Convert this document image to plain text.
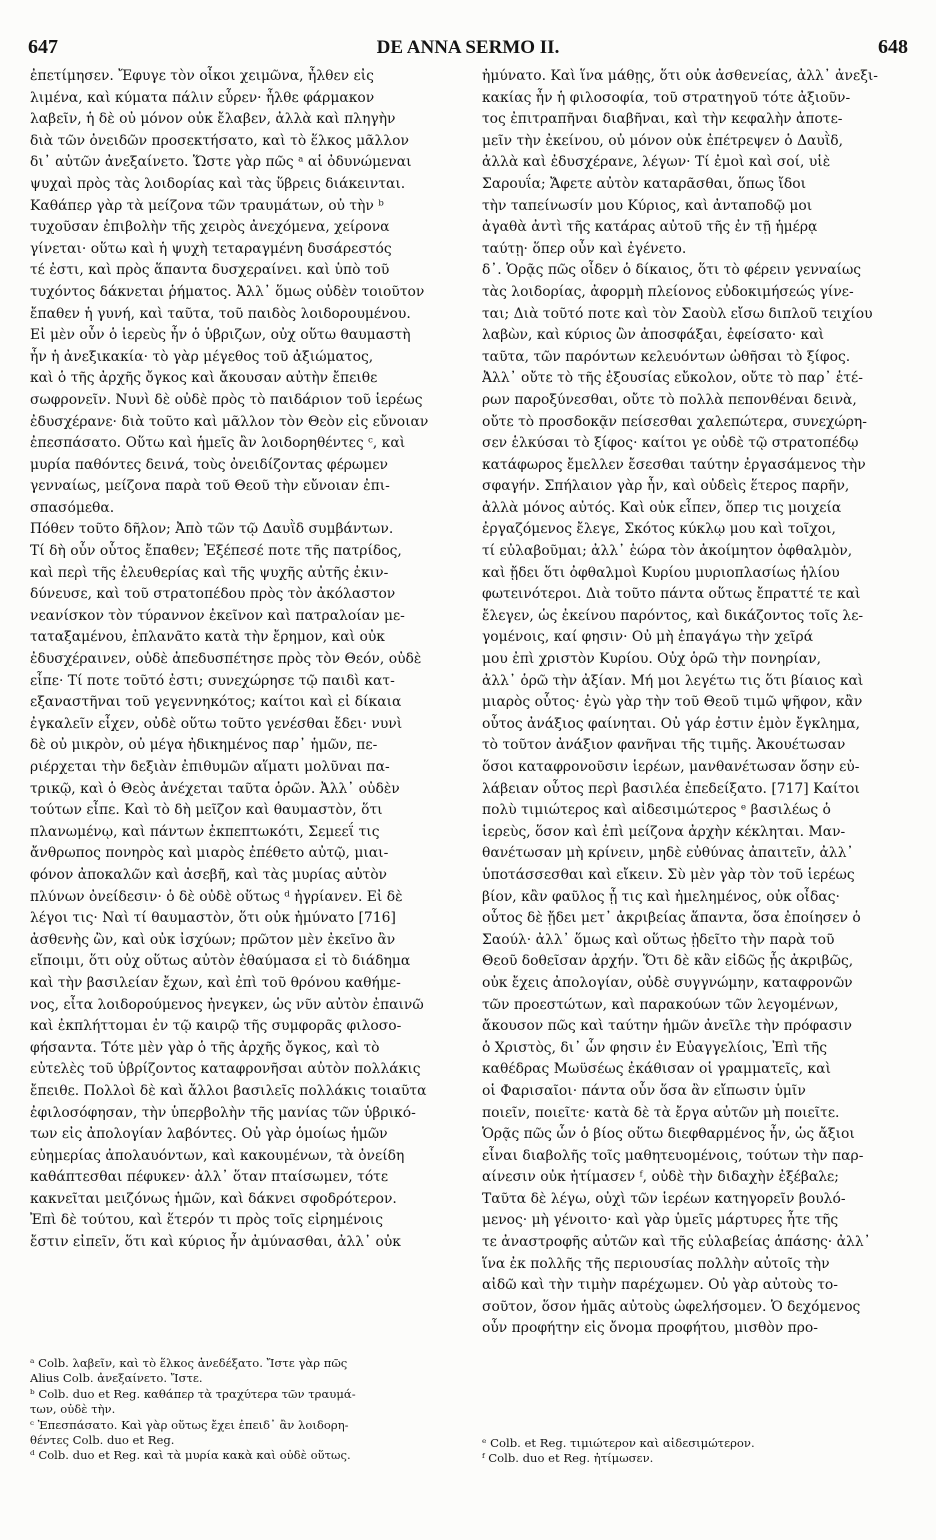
647	DE ANNA SERMO II.	648
ἐπετίμησεν. Ἔφυγε τὸν οἶκοι χειμῶνα, ἦλθεν εἰς
λιμένα, καὶ κύματα πάλιν εὗρεν· ἦλθε φάρμακον
λαβεῖν, ἡ δὲ οὐ μόνον οὐκ ἔλαβεν, ἀλλὰ καὶ πληγὴν
διὰ τῶν ὀνειδῶν προσεκτήσατο, καὶ τὸ ἕλκος μᾶλλον
δι᾽ αὐτῶν ἀνεξαίνετο. Ὥστε γὰρ πῶς ᵃ αἱ ὀδυνώμεναι
ψυχαὶ πρὸς τὰς λοιδορίας καὶ τὰς ὕβρεις διάκεινται.
Καθάπερ γὰρ τὰ μείζονα τῶν τραυμάτων, οὐ τὴν ᵇ
τυχοῦσαν ἐπιβολὴν τῆς χειρὸς ἀνεχόμενα, χείρονα
γίνεται· οὕτω καὶ ἡ ψυχὴ τεταραγμένη δυσάρεστός
τέ ἐστι, καὶ πρὸς ἅπαντα δυσχεραίνει. καὶ ὑπὸ τοῦ
τυχόντος δάκνεται ῥήματος. Ἀλλ᾽ ὅμως οὐδὲν τοιοῦτον
ἔπαθεν ἡ γυνή, καὶ ταῦτα, τοῦ παιδὸς λοιδορουμένου.
Εἰ μὲν οὖν ὁ ἱερεὺς ἦν ὁ ὑβριζων, οὐχ οὕτω θαυμαστὴ
ἦν ἡ ἀνεξικακία· τὸ γὰρ μέγεθος τοῦ ἀξιώματος,
καὶ ὁ τῆς ἀρχῆς ὄγκος καὶ ἄκουσαν αὐτὴν ἔπειθε
σωφρονεῖν. Νυνὶ δὲ οὐδὲ πρὸς τὸ παιδάριον τοῦ ἱερέως
ἐδυσχέρανε· διὰ τοῦτο καὶ μᾶλλον τὸν Θεὸν εἰς εὔνοιαν
ἐπεσπάσατο. Οὕτω καὶ ἡμεῖς ἂν λοιδορηθέντες ᶜ, καὶ
μυρία παθόντες δεινά, τοὺς ὀνειδίζοντας φέρωμεν
γενναίως, μείζονα παρὰ τοῦ Θεοῦ τὴν εὔνοιαν ἐπι-
σπασόμεθα.
Πόθεν τοῦτο δῆλον; Ἀπὸ τῶν τῷ Δαυῒδ συμβάντων.
Τί δὴ οὖν οὗτος ἔπαθεν; Ἐξέπεσέ ποτε τῆς πατρίδος,
καὶ περὶ τῆς ἐλευθερίας καὶ τῆς ψυχῆς αὐτῆς ἐκιν-
δύνευσε, καὶ τοῦ στρατοπέδου πρὸς τὸν ἀκόλαστον
νεανίσκον τὸν τύραννον ἐκεῖνον καὶ πατραλοίαν με-
ταταξαμένου, ἐπλανᾶτο κατὰ τὴν ἔρημον, καὶ οὐκ
ἐδυσχέραινεν, οὐδὲ ἀπεδυσπέτησε πρὸς τὸν Θεόν, οὐδὲ
εἶπε· Τί ποτε τοῦτό ἐστι; συνεχώρησε τῷ παιδὶ κατ-
εξαναστῆναι τοῦ γεγεννηκότος; καίτοι καὶ εἰ δίκαια
ἐγκαλεῖν εἶχεν, οὐδὲ οὕτω τοῦτο γενέσθαι ἔδει· νυνὶ
δὲ οὐ μικρὸν, οὐ μέγα ἠδικημένος παρ᾽ ἡμῶν, πε-
ριέρχεται τὴν δεξιὰν ἐπιθυμῶν αἵματι μολῦναι πα-
τρικῷ, καὶ ὁ Θεὸς ἀνέχεται ταῦτα ὁρῶν. Ἀλλ᾽ οὐδὲν
τούτων εἶπε. Καὶ τὸ δὴ μεῖζον καὶ θαυμαστὸν, ὅτι
πλανωμένῳ, καὶ πάντων ἐκπεπτωκότι, Σεμεεΐ τις
ἄνθρωπος πονηρὸς καὶ μιαρὸς ἐπέθετο αὐτῷ, μιαι-
φόνον ἀποκαλῶν καὶ ἀσεβῆ, καὶ τὰς μυρίας αὐτὸν
πλύνων ὀνείδεσιν· ὁ δὲ οὐδὲ οὕτως ᵈ ἠγρίανεν. Εἰ δὲ
λέγοι τις· Ναὶ τί θαυμαστὸν, ὅτι οὐκ ἠμύνατο [716]
ἀσθενὴς ὢν, καὶ οὐκ ἰσχύων; πρῶτον μὲν ἐκεῖνο ἂν
εἴποιμι, ὅτι οὐχ οὕτως αὐτὸν ἐθαύμασα εἰ τὸ διάδημα
καὶ τὴν βασιλείαν ἔχων, καὶ ἐπὶ τοῦ θρόνου καθήμε-
νος, εἶτα λοιδορούμενος ἠνεγκεν, ὡς νῦν αὐτὸν ἐπαινῶ
καὶ ἐκπλήττομαι ἐν τῷ καιρῷ τῆς συμφορᾶς φιλοσο-
φήσαντα. Τότε μὲν γὰρ ὁ τῆς ἀρχῆς ὄγκος, καὶ τὸ
εὐτελὲς τοῦ ὑβρίζοντος καταφρονῆσαι αὐτὸν πολλάκις
ἔπειθε. Πολλοὶ δὲ καὶ ἄλλοι βασιλεῖς πολλάκις τοιαῦτα
ἐφιλοσόφησαν, τὴν ὑπερβολὴν τῆς μανίας τῶν ὑβρικό-
των εἰς ἀπολογίαν λαβόντες. Οὐ γὰρ ὁμοίως ἡμῶν
εὐημερίας ἀπολαυόντων, καὶ κακουμένων, τὰ ὀνείδη
καθάπτεσθαι πέφυκεν· ἀλλ᾽ ὅταν πταίσωμεν, τότε
κακνεῖται μειζόνως ἡμῶν, καὶ δάκνει σφοδρότερον.
Ἐπὶ δὲ τούτου, καὶ ἕτερόν τι πρὸς τοῖς εἰρημένοις
ἔστιν εἰπεῖν, ὅτι καὶ κύριος ἦν ἀμύνασθαι, ἀλλ᾽ οὐκ
ἠμύνατο. Καὶ ἵνα μάθῃς, ὅτι οὐκ ἀσθενείας, ἀλλ᾽ ἀνεξι-
κακίας ἦν ἡ φιλοσοφία, τοῦ στρατηγοῦ τότε ἀξιοῦν-
τος ἐπιτραπῆναι διαβῆναι, καὶ τὴν κεφαλὴν ἀποτε-
μεῖν τὴν ἐκείνου, οὐ μόνον οὐκ ἐπέτρεψεν ὁ Δαυῒδ,
ἀλλὰ καὶ ἐδυσχέρανε, λέγων· Τί ἐμοὶ καὶ σοί, υἱὲ
Σαρουΐα; Ἄφετε αὐτὸν καταρᾶσθαι, ὅπως ἴδοι
τὴν ταπείνωσίν μου Κύριος, καὶ ἀνταποδῷ μοι
ἀγαθὰ ἀντὶ τῆς κατάρας αὐτοῦ τῆς ἐν τῇ ἡμέρᾳ
ταύτῃ· ὅπερ οὖν καὶ ἐγένετο.
δ᾽. Ὁρᾷς πῶς οἶδεν ὁ δίκαιος, ὅτι τὸ φέρειν γενναίως
τὰς λοιδορίας, ἀφορμὴ πλείονος εὐδοκιμήσεώς γίνε-
ται; Διὰ τοῦτό ποτε καὶ τὸν Σαοὺλ εἴσω διπλοῦ τειχίου
λαβὼν, καὶ κύριος ὢν ἀποσφάξαι, ἐφείσατο· καὶ
ταῦτα, τῶν παρόντων κελευόντων ὠθῆσαι τὸ ξίφος.
Ἀλλ᾽ οὔτε τὸ τῆς ἐξουσίας εὔκολον, οὔτε τὸ παρ᾽ ἑτέ-
ρων παροξύνεσθαι, οὔτε τὸ πολλὰ πεπονθέναι δεινὰ,
οὔτε τὸ προσδοκᾷν πείσεσθαι χαλεπώτερα, συνεχώρη-
σεν ἑλκύσαι τὸ ξίφος· καίτοι γε οὐδὲ τῷ στρατοπέδῳ
κατάφωρος ἔμελλεν ἔσεσθαι ταύτην ἐργασάμενος τὴν
σφαγήν. Σπήλαιον γὰρ ἦν, καὶ οὐδεὶς ἕτερος παρῆν,
ἀλλὰ μόνος αὐτός. Καὶ οὐκ εἶπεν, ὅπερ τις μοιχεία
ἐργαζόμενος ἔλεγε, Σκότος κύκλῳ μου καὶ τοῖχοι,
τί εὐλαβοῦμαι; ἀλλ᾽ ἑώρα τὸν ἀκοίμητον ὀφθαλμὸν,
καὶ ᾔδει ὅτι ὀφθαλμοὶ Κυρίου μυριοπλασίως ἡλίου
φωτεινότεροι. Διὰ τοῦτο πάντα οὕτως ἔπραττέ τε καὶ
ἔλεγεν, ὡς ἐκείνου παρόντος, καὶ δικάζοντος τοῖς λε-
γομένοις, καί φησιν· Οὐ μὴ ἐπαγάγω τὴν χεῖρά
μου ἐπὶ χριστὸν Κυρίου. Οὐχ ὁρῶ τὴν πονηρίαν,
ἀλλ᾽ ὁρῶ τὴν ἀξίαν. Μή μοι λεγέτω τις ὅτι βίαιος καὶ
μιαρὸς οὗτος· ἐγὼ γὰρ τὴν τοῦ Θεοῦ τιμῶ ψῆφον, κἂν
οὗτος ἀνάξιος φαίνηται. Οὐ γάρ ἐστιν ἐμὸν ἔγκλημα,
τὸ τοῦτον ἀνάξιον φανῆναι τῆς τιμῆς. Ἀκουέτωσαν
ὅσοι καταφρονοῦσιν ἱερέων, μανθανέτωσαν ὅσην εὐ-
λάβειαν οὗτος περὶ βασιλέα ἐπεδείξατο. [717] Καίτοι
πολὺ τιμιώτερος καὶ αἰδεσιμώτερος ᵉ βασιλέως ὁ
ἱερεὺς, ὅσον καὶ ἐπὶ μείζονα ἀρχὴν κέκληται. Μαν-
θανέτωσαν μὴ κρίνειν, μηδὲ εὐθύνας ἀπαιτεῖν, ἀλλ᾽
ὑποτάσσεσθαι καὶ εἴκειν. Σὺ μὲν γὰρ τὸν τοῦ ἱερέως
βίον, κἂν φαῦλος ᾖ τις καὶ ἠμελημένος, οὐκ οἶδας·
οὗτος δὲ ᾔδει μετ᾽ ἀκριβείας ἅπαντα, ὅσα ἐποίησεν ὁ
Σαούλ· ἀλλ᾽ ὅμως καὶ οὕτως ᾐδεῖτο τὴν παρὰ τοῦ
Θεοῦ δοθεῖσαν ἀρχήν. Ὅτι δὲ κἂν εἰδῶς ᾖς ἀκριβῶς,
οὐκ ἔχεις ἀπολογίαν, οὐδὲ συγγνώμην, καταφρονῶν
τῶν προεστώτων, καὶ παρακούων τῶν λεγομένων,
ἄκουσον πῶς καὶ ταύτην ἡμῶν ἀνεῖλε τὴν πρόφασιν
ὁ Χριστὸς, δι᾽ ὧν φησιν ἐν Εὐαγγελίοις, Ἐπὶ τῆς
καθέδρας Μωϋσέως ἐκάθισαν οἱ γραμματεῖς, καὶ
οἱ Φαρισαῖοι· πάντα οὖν ὅσα ἂν εἴπωσιν ὑμῖν
ποιεῖν, ποιεῖτε· κατὰ δὲ τὰ ἔργα αὐτῶν μὴ ποιεῖτε.
Ὁρᾷς πῶς ὧν ὁ βίος οὕτω διεφθαρμένος ἦν, ὡς ἄξιοι
εἶναι διαβολῆς τοῖς μαθητευομένοις, τούτων τὴν παρ-
αίνεσιν οὐκ ἠτίμασεν ᶠ, οὐδὲ τὴν διδαχὴν ἐξέβαλε;
Ταῦτα δὲ λέγω, οὐχὶ τῶν ἱερέων κατηγορεῖν βουλό-
μενος· μὴ γένοιτο· καὶ γὰρ ὑμεῖς μάρτυρες ἦτε τῆς
τε ἀναστροφῆς αὐτῶν καὶ τῆς εὐλαβείας ἁπάσης· ἀλλ᾽
ἵνα ἐκ πολλῆς τῆς περιουσίας πολλὴν αὐτοῖς τὴν
αἰδῶ καὶ τὴν τιμὴν παρέχωμεν. Οὐ γὰρ αὐτοὺς το-
σοῦτον, ὅσον ἡμᾶς αὐτοὺς ὠφελήσομεν. Ὁ δεχόμενος
οὖν προφήτην εἰς ὄνομα προφήτου, μισθὸν προ-
ᵃ Colb. λαβεῖν, καὶ τὸ ἕλκος ἀνεδέξατο. Ἴστε γὰρ πῶς
Alius Colb. ἀνεξαίνετο. Ἴστε.
ᵇ Colb. duo et Reg. καθάπερ τὰ τραχύτερα τῶν τραυμά-
των, οὐδὲ τὴν.
ᶜ Ἐπεσπάσατο. Καὶ γὰρ οὕτως ἔχει ἐπειδ᾽ ἂν λοιδορη-
θέντες Colb. duo et Reg.
ᵈ Colb. duo et Reg. καὶ τὰ μυρία κακὰ καὶ οὐδὲ οὕτως.
ᵉ Colb. et Reg. τιμιώτερον καὶ αἰδεσιμώτερον.
ᶠ Colb. duo et Reg. ἠτίμωσεν.
